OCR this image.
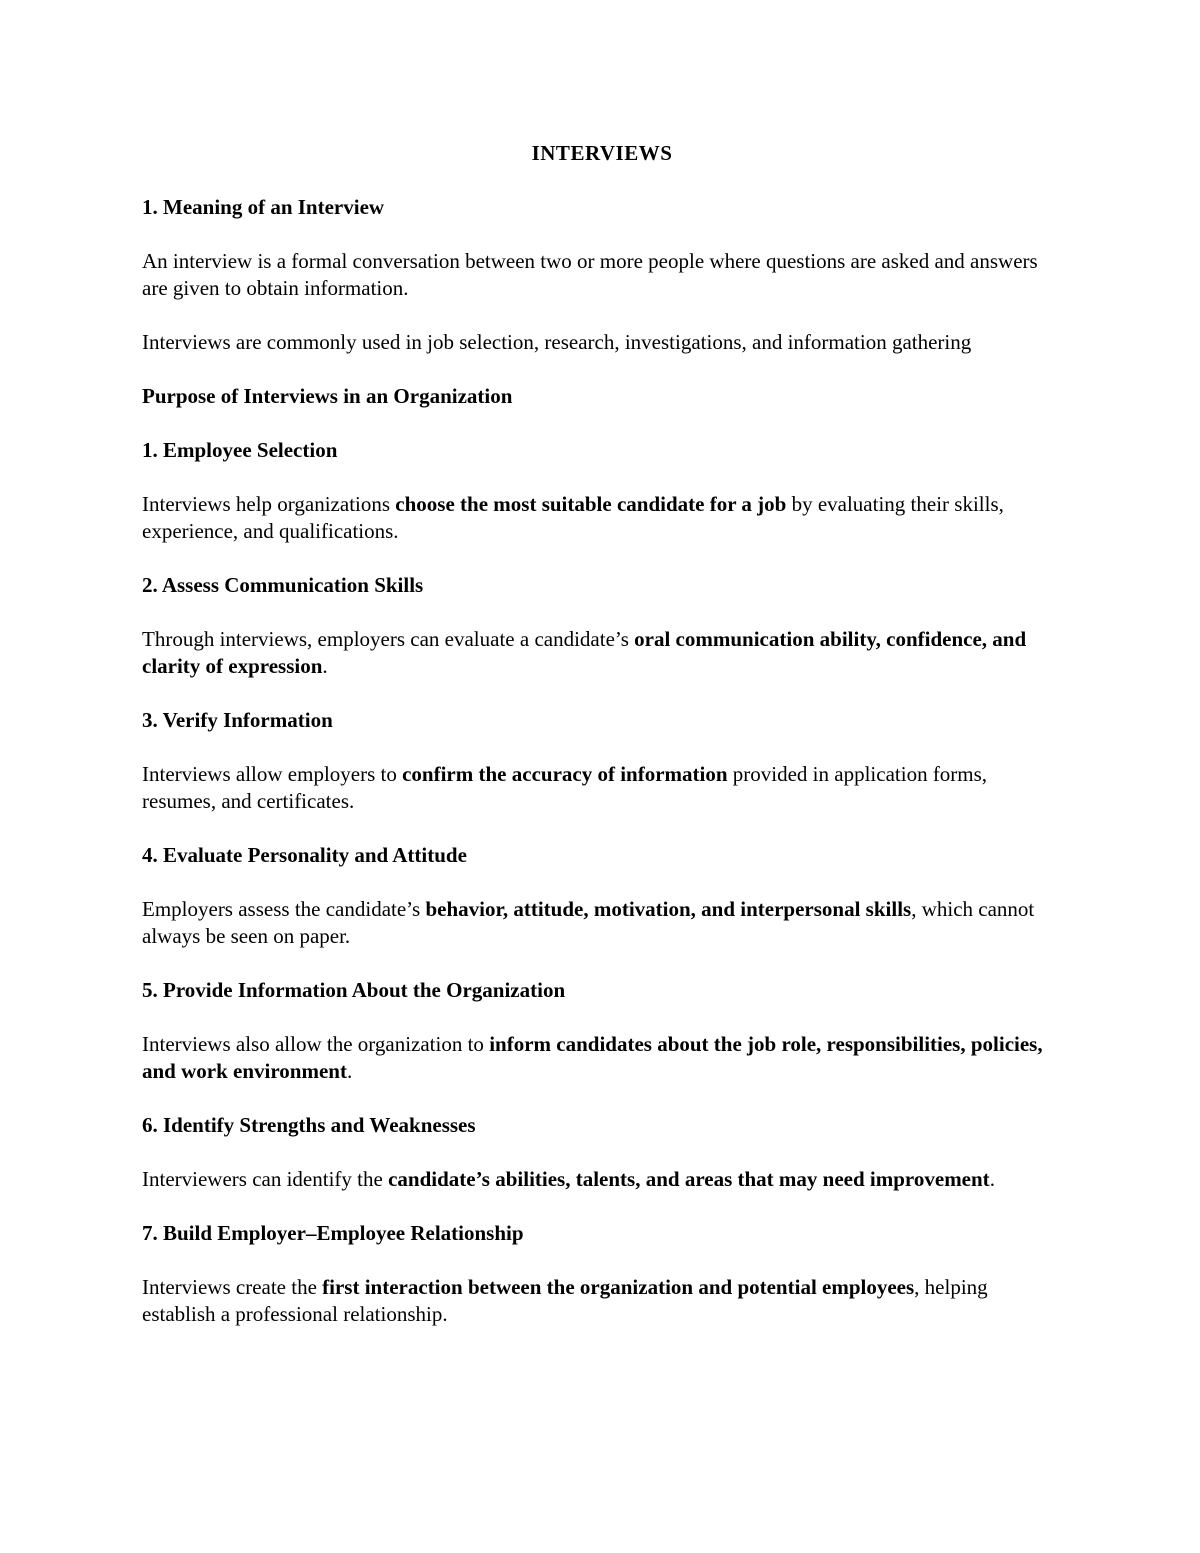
INTERVIEWS
1. Meaning of an Interview
An interview is a formal conversation between two or more people where questions are asked and answers are given to obtain information.
Interviews are commonly used in job selection, research, investigations, and information gathering
Purpose of Interviews in an Organization
1. Employee Selection
Interviews help organizations choose the most suitable candidate for a job by evaluating their skills, experience, and qualifications.
2. Assess Communication Skills
Through interviews, employers can evaluate a candidate’s oral communication ability, confidence, and clarity of expression.
3. Verify Information
Interviews allow employers to confirm the accuracy of information provided in application forms, resumes, and certificates.
4. Evaluate Personality and Attitude
Employers assess the candidate’s behavior, attitude, motivation, and interpersonal skills, which cannot always be seen on paper.
5. Provide Information About the Organization
Interviews also allow the organization to inform candidates about the job role, responsibilities, policies, and work environment.
6. Identify Strengths and Weaknesses
Interviewers can identify the candidate’s abilities, talents, and areas that may need improvement.
7. Build Employer–Employee Relationship
Interviews create the first interaction between the organization and potential employees, helping establish a professional relationship.
